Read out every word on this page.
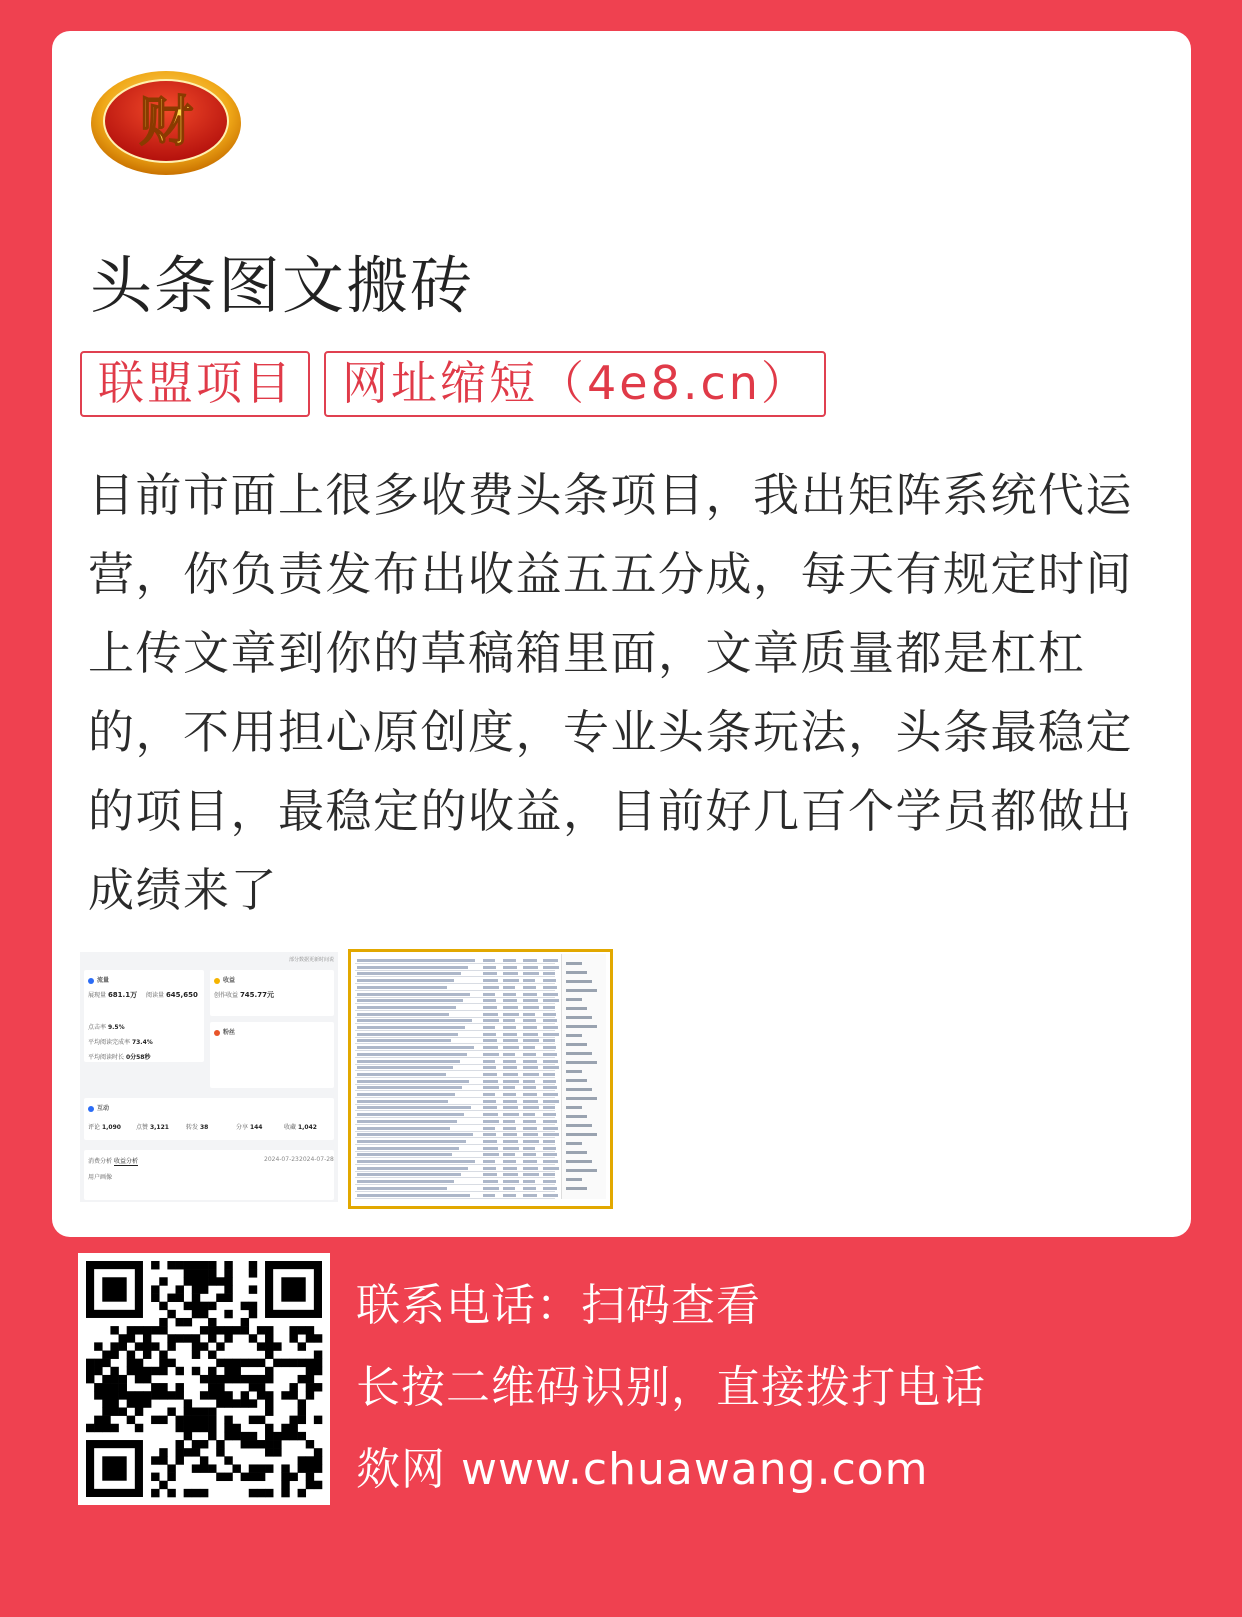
财
头条图文搬砖
联盟项目	网址缩短（4e8.cn）

目前市面上很多收费头条项目，我出矩阵系统代运营，你负责发布出收益五五分成，每天有规定时间上传文章到你的草稿箱里面，文章质量都是杠杠的，不用担心原创度，专业头条玩法，头条最稳定的项目，最稳定的收益，目前好几百个学员都做出成绩来了

部分数据更新时间说
流量
展现量 681.1万 阅读量 645,650
点击率 9.5%
平均阅读完成率 73.4%
平均阅读时长 0分58秒
收益
创作收益 745.77元
粉丝
互动
评论 1,090	点赞 3,121	转发 38	分享 144	收藏 1,042
消费分析 收益分析	2024-07-23 2024-07-28
用户画像

联系电话：扫码查看

长按二维码识别，直接拨打电话

欻网 www.chuawang.com
